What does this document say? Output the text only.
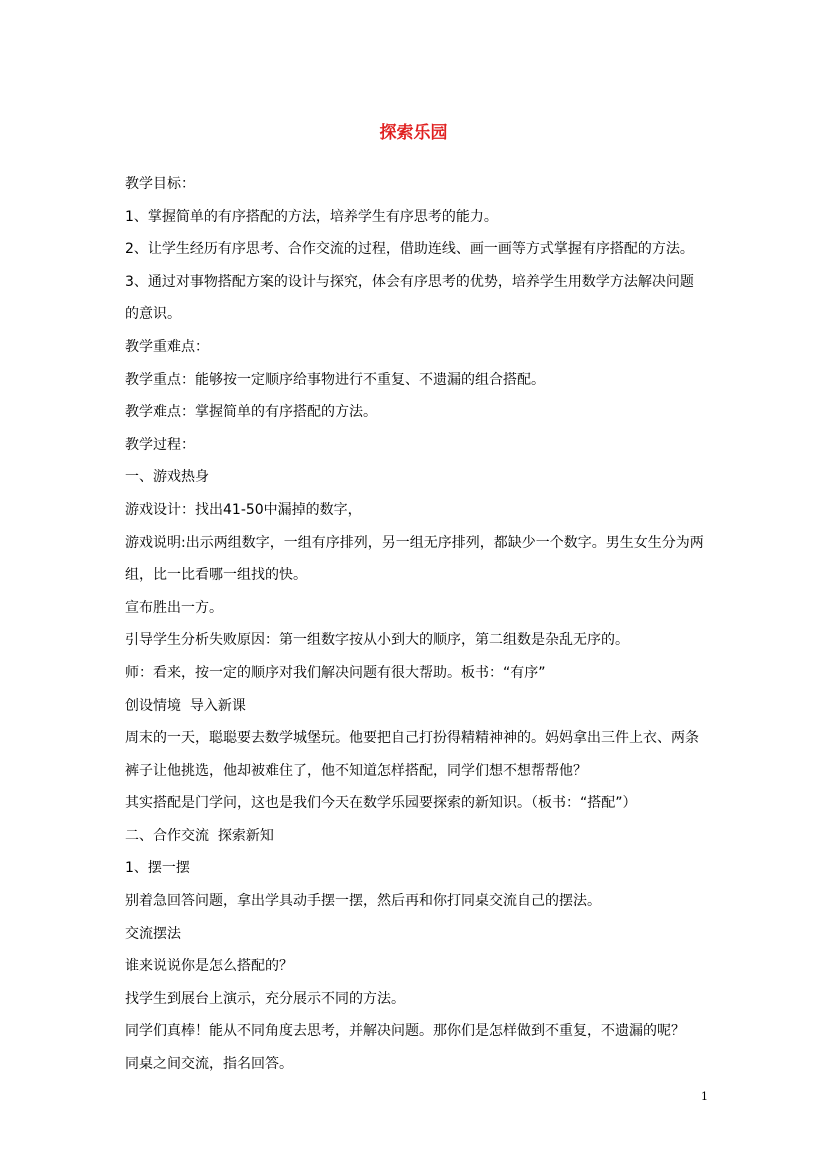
探索乐园

教学目标：

1、掌握简单的有序搭配的方法，培养学生有序思考的能力。

2、让学生经历有序思考、合作交流的过程，借助连线、画一画等方式掌握有序搭配的方法。

3、通过对事物搭配方案的设计与探究，体会有序思考的优势，培养学生用数学方法解决问题的意识。

教学重难点：

教学重点：能够按一定顺序给事物进行不重复、不遗漏的组合搭配。

教学难点：掌握简单的有序搭配的方法。

教学过程：

一、游戏热身

游戏设计：找出41-50中漏掉的数字，

游戏说明:出示两组数字，一组有序排列，另一组无序排列，都缺少一个数字。男生女生分为两组，比一比看哪一组找的快。

宣布胜出一方。

引导学生分析失败原因：第一组数字按从小到大的顺序，第二组数是杂乱无序的。

师：看来，按一定的顺序对我们解决问题有很大帮助。板书：“有序”

创设情境  导入新课

周末的一天，聪聪要去数学城堡玩。他要把自己打扮得精精神神的。妈妈拿出三件上衣、两条裤子让他挑选，他却被难住了，他不知道怎样搭配，同学们想不想帮帮他？

其实搭配是门学问，这也是我们今天在数学乐园要探索的新知识。（板书：“搭配”）

二、合作交流  探索新知

1、摆一摆

别着急回答问题，拿出学具动手摆一摆，然后再和你打同桌交流自己的摆法。

交流摆法

谁来说说你是怎么搭配的？

找学生到展台上演示，充分展示不同的方法。

同学们真棒！能从不同角度去思考，并解决问题。那你们是怎样做到不重复，不遗漏的呢？

同桌之间交流，指名回答。

1
